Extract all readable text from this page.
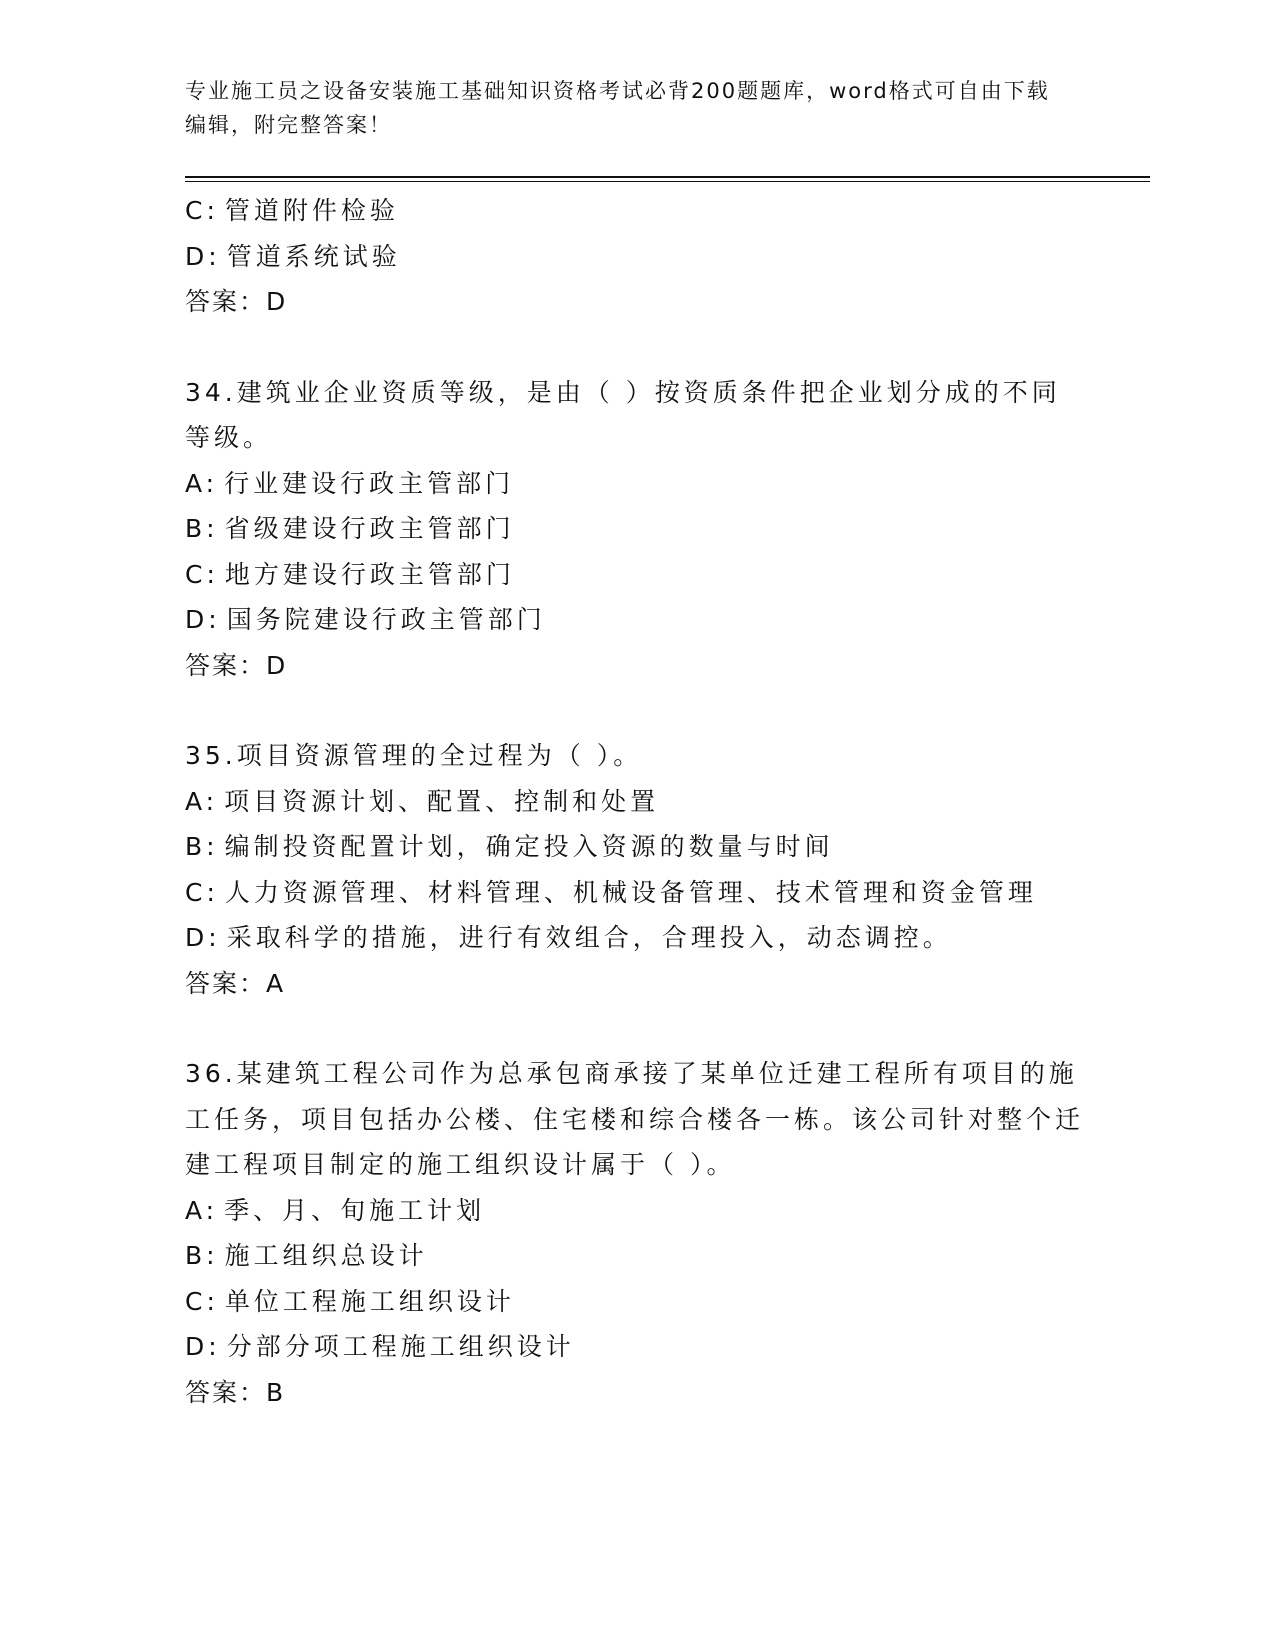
专业施工员之设备安装施工基础知识资格考试必背200题题库，word格式可自由下载编辑，附完整答案！
C: 管道附件检验
D: 管道系统试验
答案：D
34.建筑业企业资质等级，是由（ ）按资质条件把企业划分成的不同等级。
A: 行业建设行政主管部门
B: 省级建设行政主管部门
C: 地方建设行政主管部门
D: 国务院建设行政主管部门
答案：D
35.项目资源管理的全过程为（ ）。
A: 项目资源计划、配置、控制和处置
B: 编制投资配置计划，确定投入资源的数量与时间
C: 人力资源管理、材料管理、机械设备管理、技术管理和资金管理
D: 采取科学的措施，进行有效组合，合理投入，动态调控。
答案：A
36.某建筑工程公司作为总承包商承接了某单位迁建工程所有项目的施工任务，项目包括办公楼、住宅楼和综合楼各一栋。该公司针对整个迁建工程项目制定的施工组织设计属于（ ）。
A: 季、月、旬施工计划
B: 施工组织总设计
C: 单位工程施工组织设计
D: 分部分项工程施工组织设计
答案：B
